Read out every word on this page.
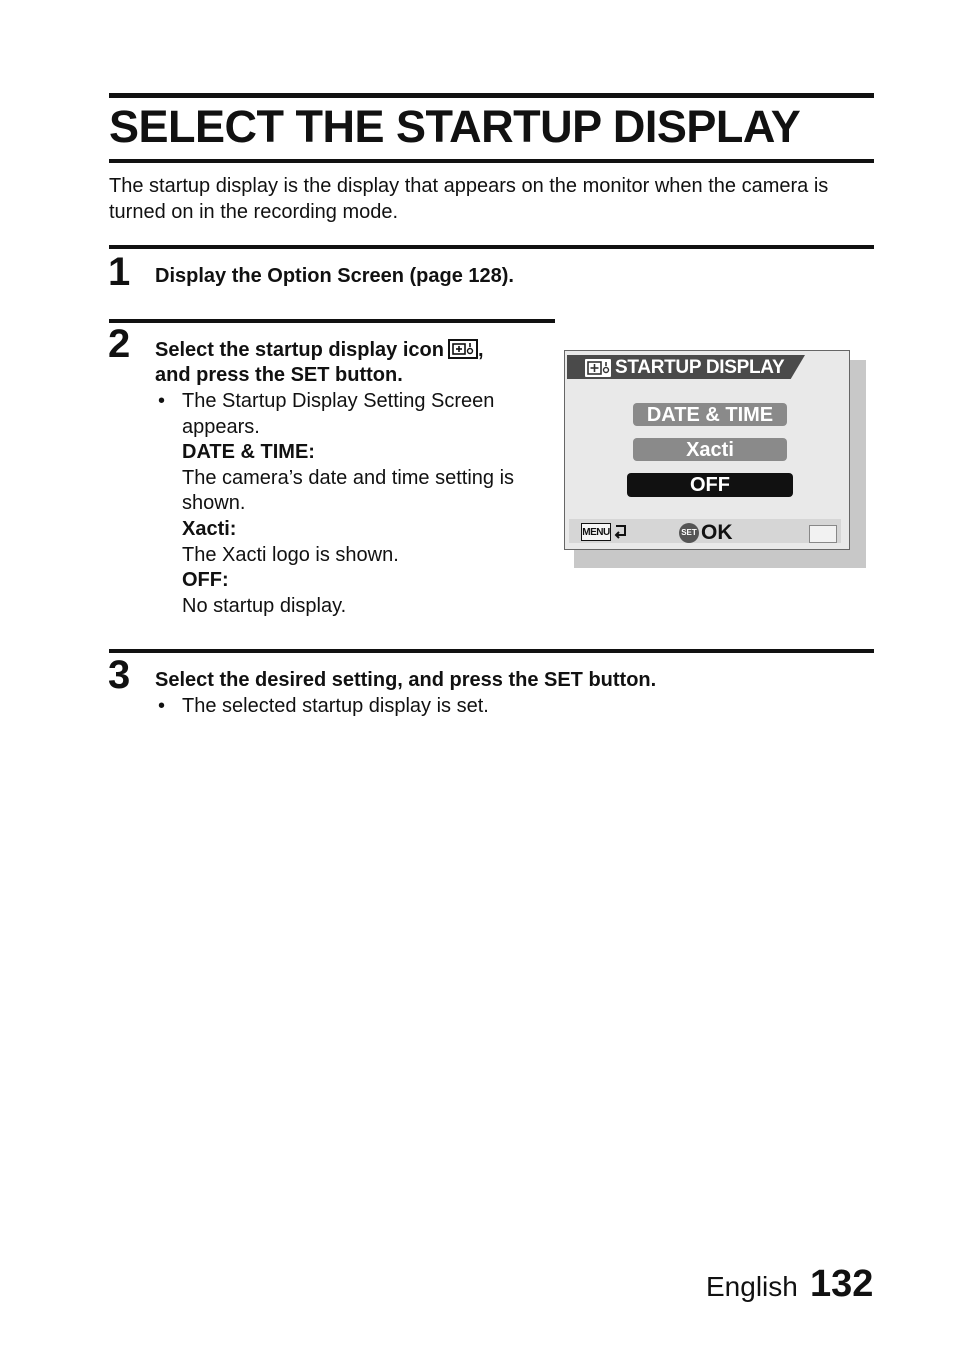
SELECT THE STARTUP DISPLAY

The startup display is the display that appears on the monitor when the camera is turned on in the recording mode.

1 Display the Option Screen (page 128).
2 Select the startup display icon ,
and press the SET button.
• The Startup Display Setting Screen appears.
DATE & TIME:
The camera’s date and time setting is shown.
Xacti:
The Xacti logo is shown.
OFF:
No startup display.
STARTUP DISPLAY
DATE & TIME
Xacti
OFF
MENU	SET OK
3 Select the desired setting, and press the SET button.
• The selected startup display is set.
English 132
